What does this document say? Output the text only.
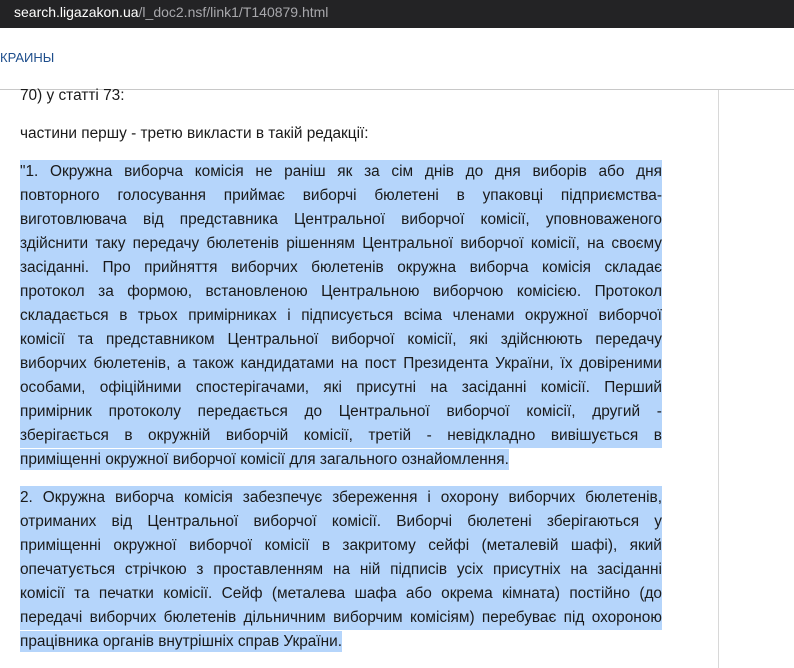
search.ligazakon.ua/l_doc2.nsf/link1/T140879.html
КРАИНЫ
70) у статті 73:
частини першу - третю викласти в такій редакції:
"1. Окружна виборча комісія не раніш як за сім днів до дня виборів або дня
повторного голосування приймає виборчі бюлетені в упаковці підприємства-
виготовлювача від представника Центральної виборчої комісії, уповноваженого
здійснити таку передачу бюлетенів рішенням Центральної виборчої комісії, на своєму
засіданні. Про прийняття виборчих бюлетенів окружна виборча комісія складає
протокол за формою, встановленою Центральною виборчою комісією. Протокол
складається в трьох примірниках і підписується всіма членами окружної виборчої
комісії та представником Центральної виборчої комісії, які здійснюють передачу
виборчих бюлетенів, а також кандидатами на пост Президента України, їх довіреними
особами, офіційними спостерігачами, які присутні на засіданні комісії. Перший
примірник протоколу передається до Центральної виборчої комісії, другий -
зберігається в окружній виборчій комісії, третій - невідкладно вивішується в
приміщенні окружної виборчої комісії для загального ознайомлення.
2. Окружна виборча комісія забезпечує збереження і охорону виборчих бюлетенів,
отриманих від Центральної виборчої комісії. Виборчі бюлетені зберігаються у
приміщенні окружної виборчої комісії в закритому сейфі (металевій шафі), який
опечатується стрічкою з проставленням на ній підписів усіх присутніх на засіданні
комісії та печатки комісії. Сейф (металева шафа або окрема кімната) постійно (до
передачі виборчих бюлетенів дільничним виборчим комісіям) перебуває під охороною
працівника органів внутрішніх справ України.
